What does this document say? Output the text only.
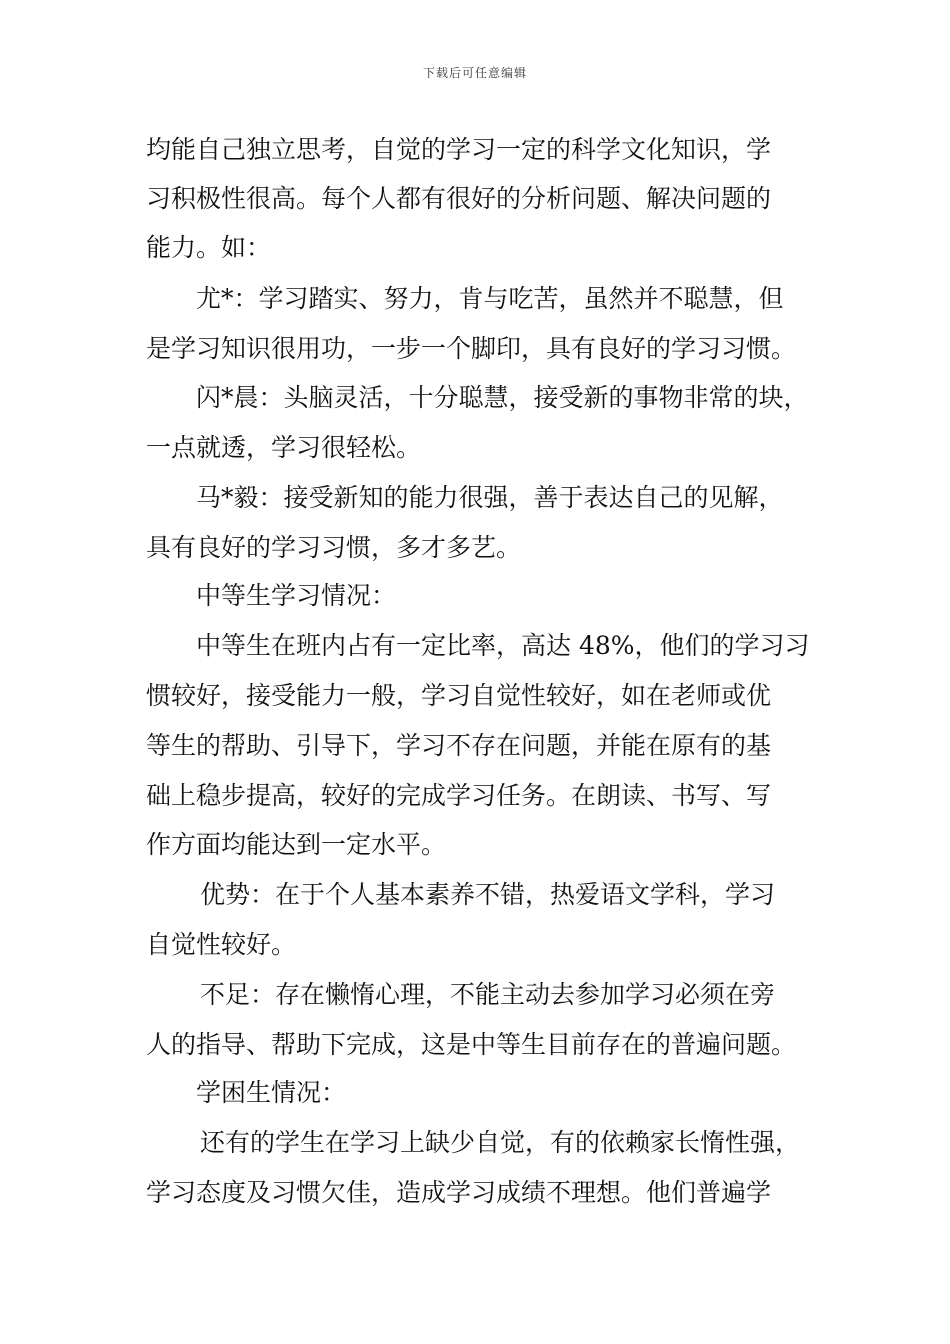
下载后可任意编辑
均能自己独立思考，自觉的学习一定的科学文化知识，学
习积极性很高。每个人都有很好的分析问题、解决问题的
能力。如：
尤*：学习踏实、努力，肯与吃苦，虽然并不聪慧，但
是学习知识很用功，一步一个脚印，具有良好的学习习惯。
闪*晨：头脑灵活，十分聪慧，接受新的事物非常的块，
一点就透，学习很轻松。
马*毅：接受新知的能力很强，善于表达自己的见解，
具有良好的学习习惯，多才多艺。
中等生学习情况：
中等生在班内占有一定比率，高达 48%，他们的学习习
惯较好，接受能力一般，学习自觉性较好，如在老师或优
等生的帮助、引导下，学习不存在问题，并能在原有的基
础上稳步提高，较好的完成学习任务。在朗读、书写、写
作方面均能达到一定水平。
优势：在于个人基本素养不错，热爱语文学科，学习
自觉性较好。
不足：存在懒惰心理，不能主动去参加学习必须在旁
人的指导、帮助下完成，这是中等生目前存在的普遍问题。
学困生情况：
还有的学生在学习上缺少自觉，有的依赖家长惰性强，
学习态度及习惯欠佳，造成学习成绩不理想。他们普遍学
